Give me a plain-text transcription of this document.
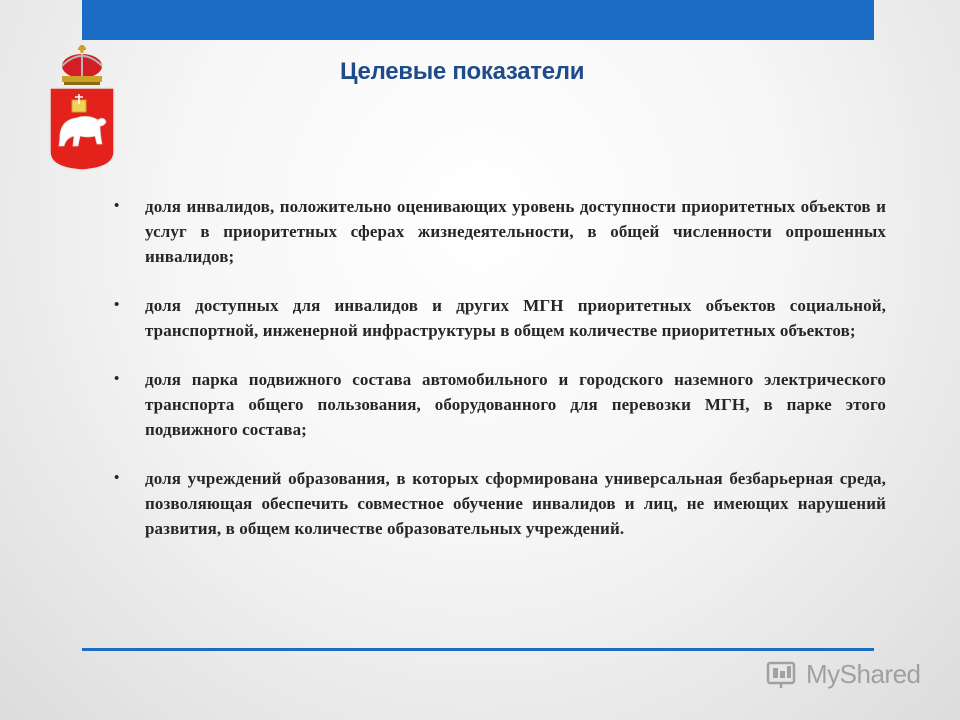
Целевые показатели
• доля инвалидов, положительно оценивающих уровень доступности приоритетных объектов и услуг в приоритетных сферах жизнедеятельности, в общей численности опрошенных инвалидов;
• доля доступных для инвалидов и других МГН приоритетных объектов социальной, транспортной, инженерной инфраструктуры в общем количестве приоритетных объектов;
• доля парка подвижного состава автомобильного и городского наземного электрического транспорта общего пользования, оборудованного для перевозки МГН, в парке этого подвижного состава;
• доля учреждений образования, в которых сформирована универсальная безбарьерная среда, позволяющая обеспечить совместное обучение инвалидов и лиц, не имеющих нарушений развития, в общем количестве образовательных учреждений.
MyShared
